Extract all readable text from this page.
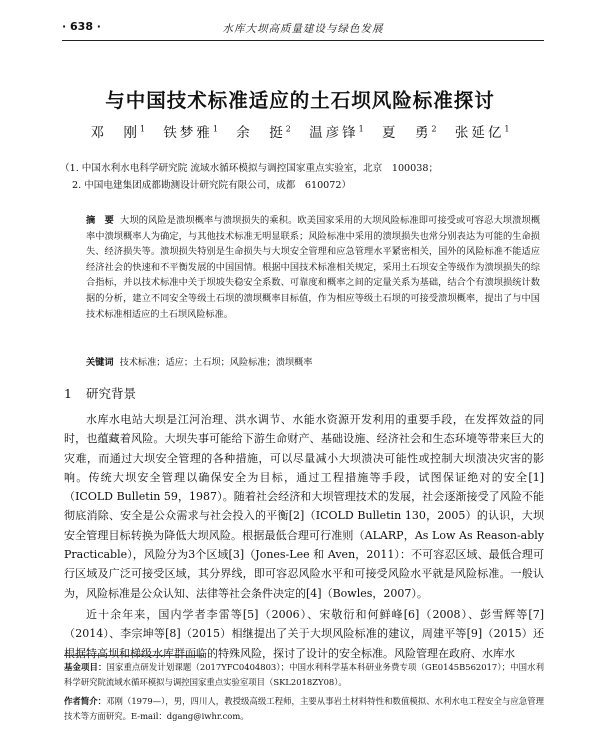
· 638 ·	水库大坝高质量建设与绿色发展
与中国技术标准适应的土石坝风险标准探讨
邓　刚$^1$ 铁梦雅$^1$ 余　挺$^2$ 温彦锋$^1$ 夏　勇$^2$ 张延亿$^1$
（1. 中国水利水电科学研究院 流域水循环模拟与调控国家重点实验室，北京　100038；
2. 中国电建集团成都勘测设计研究院有限公司，成都　610072）
摘　要 大坝的风险是溃坝概率与溃坝损失的乘积。欧美国家采用的大坝风险标准即可接受或可容忍大坝溃坝概率中溃坝概率人为确定，与其他技术标准无明显联系；风险标准中采用的溃坝损失也常分别表达为可能的生命损失、经济损失等。溃坝损失特别是生命损失与大坝安全管理和应急管理水平紧密相关，国外的风险标准不能适应经济社会的快速和不平衡发展的中国国情。根据中国技术标准相关规定，采用土石坝安全等级作为溃坝损失的综合指标，并以技术标准中关于坝坡失稳安全系数、可靠度和概率之间的定量关系为基础，结合个有溃坝损统计数据的分析，建立不同安全等级土石坝的溃坝概率目标值，作为相应等级土石坝的可接受溃坝概率，提出了与中国技术标准相适应的土石坝风险标准。
关键词 技术标准；适应；土石坝；风险标准；溃坝概率
1 研究背景

水库水电站大坝是江河治理、洪水调节、水能水资源开发利用的重要手段，在发挥效益的同时，也蕴藏着风险。大坝失事可能给下游生命财产、基础设施、经济社会和生态环境等带来巨大的灾难，而通过大坝安全管理的各种措施，可以尽量减小大坝溃决可能性或控制大坝溃决灾害的影响。传统大坝安全管理以确保安全为目标，通过工程措施等手段，试图保证绝对的安全[1]（ICOLD Bulletin 59，1987）。随着社会经济和大坝管理技术的发展，社会逐渐接受了风险不能彻底消除、安全是公众需求与社会投入的平衡[2]（ICOLD Bulletin 130，2005）的认识，大坝安全管理目标转换为降低大坝风险。根据最低合理可行准则（ALARP，As Low As Reason-ably Practicable），风险分为3个区域[3]（Jones-Lee 和 Aven，2011）：不可容忍区域、最低合理可行区域及广泛可接受区域，其分界线，即可容忍风险水平和可接受风险水平就是风险标准。一般认为，风险标准是公众认知、法律等社会条件决定的[4]（Bowles，2007）。

近十余年来，国内学者李雷等[5]（2006）、宋敬衍和何鲜峰[6]（2008）、彭雪辉等[7]（2014）、李宗坤等[8]（2015）相继提出了关于大坝风险标准的建议，周建平等[9]（2015）还根据特高坝和梯级水库群面临的特殊风险，探讨了设计的安全标准。风险管理在政府、水库水

基金项目：国家重点研发计划课题（2017YFC0404803）；中国水利科学基本科研业务费专项（GE0145B562017）；中国水利科学研究院流域水循环模拟与调控国家重点实验室项目（SKL2018ZY08）。

作者简介：邓刚（1979—），男，四川人，教授级高级工程师，主要从事岩土材料特性和数值模拟、水利水电工程安全与应急管理技术等方面研究。E-mail：dgang@iwhr.com。
